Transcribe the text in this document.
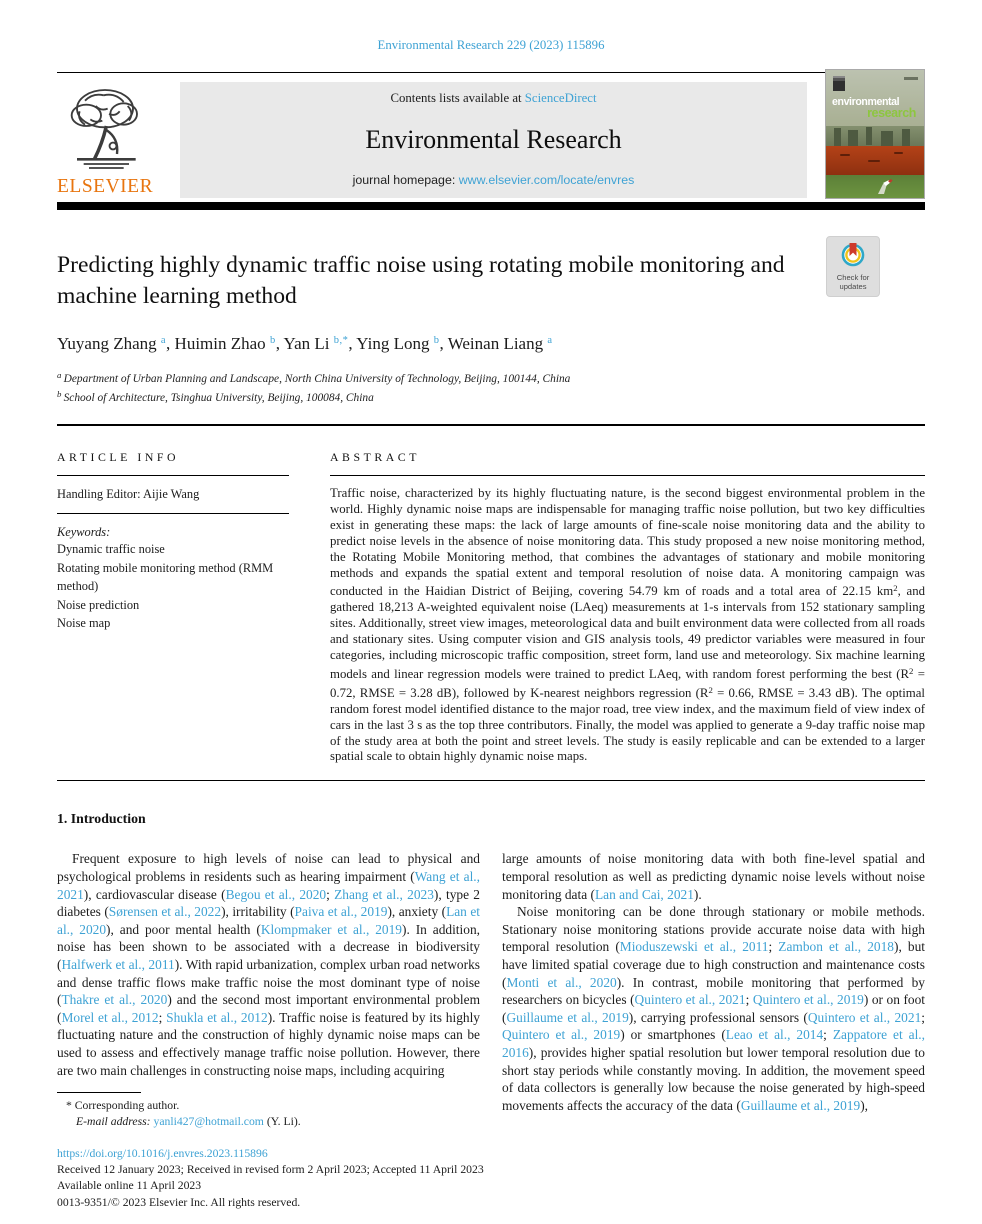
Environmental Research 229 (2023) 115896
ELSEVIER
Contents lists available at ScienceDirect
Environmental Research
journal homepage: www.elsevier.com/locate/envres
environmental
research
Predicting highly dynamic traffic noise using rotating mobile monitoring and machine learning method
Check for updates
Yuyang Zhang $^a$, Huimin Zhao $^b$, Yan Li $^{b,*}$, Ying Long $^b$, Weinan Liang $^a$
$^a$ Department of Urban Planning and Landscape, North China University of Technology, Beijing, 100144, China
$^b$ School of Architecture, Tsinghua University, Beijing, 100084, China
ARTICLE INFO
Handling Editor: Aijie Wang
Keywords:
Dynamic traffic noise
Rotating mobile monitoring method (RMM method)
Noise prediction
Noise map
ABSTRACT

Traffic noise, characterized by its highly fluctuating nature, is the second biggest environmental problem in the world. Highly dynamic noise maps are indispensable for managing traffic noise pollution, but two key difficulties exist in generating these maps: the lack of large amounts of fine-scale noise monitoring data and the ability to predict noise levels in the absence of noise monitoring data. This study proposed a new noise monitoring method, the Rotating Mobile Monitoring method, that combines the advantages of stationary and mobile monitoring methods and expands the spatial extent and temporal resolution of noise data. A monitoring campaign was conducted in the Haidian District of Beijing, covering 54.79 km of roads and a total area of 22.15 $km^2$, and gathered 18,213 A-weighted equivalent noise (LAeq) measurements at 1-s intervals from 152 stationary sampling sites. Additionally, street view images, meteorological data and built environment data were collected from all roads and stationary sites. Using computer vision and GIS analysis tools, 49 predictor variables were measured in four categories, including microscopic traffic composition, street form, land use and meteorology. Six machine learning models and linear regression models were trained to predict LAeq, with random forest performing the best ($R^2 = 0.72$, RMSE = 3.28 dB), followed by K-nearest neighbors regression ($R^2 = 0.66$, RMSE = 3.43 dB). The optimal random forest model identified distance to the major road, tree view index, and the maximum field of view index of cars in the last 3 s as the top three contributors. Finally, the model was applied to generate a 9-day traffic noise map of the study area at both the point and street levels. The study is easily replicable and can be extended to a larger spatial scale to obtain highly dynamic noise maps.

1. Introduction

Frequent exposure to high levels of noise can lead to physical and psychological problems in residents such as hearing impairment (Wang et al., 2021), cardiovascular disease (Begou et al., 2020; Zhang et al., 2023), type 2 diabetes (Sørensen et al., 2022), irritability (Paiva et al., 2019), anxiety (Lan et al., 2020), and poor mental health (Klompmaker et al., 2019). In addition, noise has been shown to be associated with a decrease in biodiversity (Halfwerk et al., 2011). With rapid urbanization, complex urban road networks and dense traffic flows make traffic noise the most dominant type of noise (Thakre et al., 2020) and the second most important environmental problem (Morel et al., 2012; Shukla et al., 2012). Traffic noise is featured by its highly fluctuating nature and the construction of highly dynamic noise maps can be used to assess and effectively manage traffic noise pollution. However, there are two main challenges in constructing noise maps, including acquiring

large amounts of noise monitoring data with both fine-level spatial and temporal resolution as well as predicting dynamic noise levels without noise monitoring data (Lan and Cai, 2021).

Noise monitoring can be done through stationary or mobile methods. Stationary noise monitoring stations provide accurate noise data with high temporal resolution (Mioduszewski et al., 2011; Zambon et al., 2018), but have limited spatial coverage due to high construction and maintenance costs (Monti et al., 2020). In contrast, mobile monitoring that performed by researchers on bicycles (Quintero et al., 2021; Quintero et al., 2019) or on foot (Guillaume et al., 2019), carrying professional sensors (Quintero et al., 2021; Quintero et al., 2019) or smartphones (Leao et al., 2014; Zappatore et al., 2016), provides higher spatial resolution but lower temporal resolution due to short stay periods while constantly moving. In addition, the movement speed of data collectors is generally low because the noise generated by high-speed movements affects the accuracy of the data (Guillaume et al., 2019),

* Corresponding author.
E-mail address: yanli427@hotmail.com (Y. Li).
https://doi.org/10.1016/j.envres.2023.115896
Received 12 January 2023; Received in revised form 2 April 2023; Accepted 11 April 2023
Available online 11 April 2023
0013-9351/© 2023 Elsevier Inc. All rights reserved.
